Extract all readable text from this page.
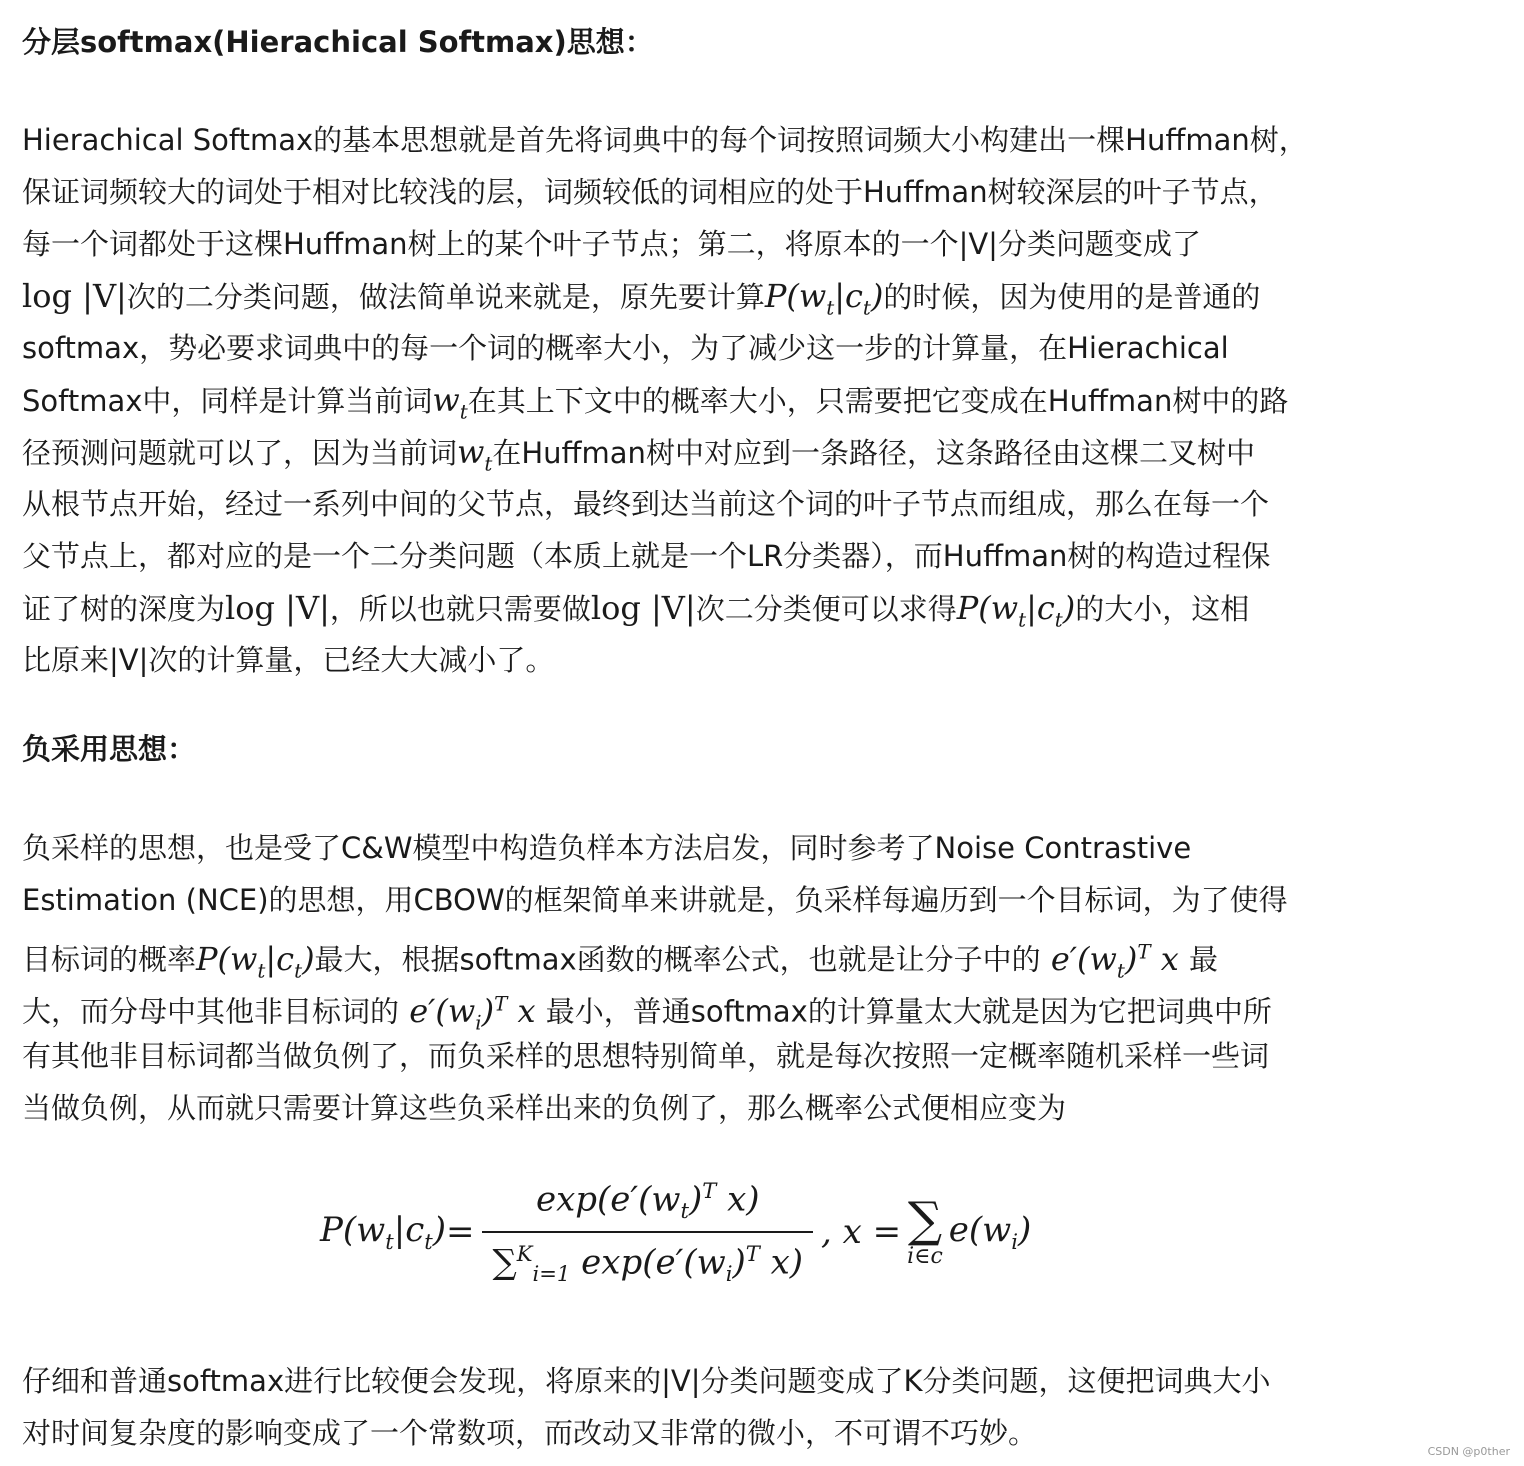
分层softmax(Hierachical Softmax)思想：
Hierachical Softmax的基本思想就是首先将词典中的每个词按照词频大小构建出一棵Huffman树，
保证词频较大的词处于相对比较浅的层，词频较低的词相应的处于Huffman树较深层的叶子节点，
每一个词都处于这棵Huffman树上的某个叶子节点；第二，将原本的一个|V|分类问题变成了
log |V|次的二分类问题，做法简单说来就是，原先要计算$P(w_t|c_t)$的时候，因为使用的是普通的
softmax，势必要求词典中的每一个词的概率大小，为了减少这一步的计算量，在Hierachical
Softmax中，同样是计算当前词$w_t$在其上下文中的概率大小，只需要把它变成在Huffman树中的路
径预测问题就可以了，因为当前词$w_t$在Huffman树中对应到一条路径，这条路径由这棵二叉树中
从根节点开始，经过一系列中间的父节点，最终到达当前这个词的叶子节点而组成，那么在每一个
父节点上，都对应的是一个二分类问题（本质上就是一个LR分类器），而Huffman树的构造过程保
证了树的深度为log |V|，所以也就只需要做log |V|次二分类便可以求得$P(w_t|c_t)$的大小，这相
比原来|V|次的计算量，已经大大减小了。
负采用思想：
负采样的思想，也是受了C&W模型中构造负样本方法启发，同时参考了Noise Contrastive
Estimation (NCE)的思想，用CBOW的框架简单来讲就是，负采样每遍历到一个目标词，为了使得
目标词的概率$P(w_t|c_t)$最大，根据softmax函数的概率公式，也就是让分子中的 $e'(w_t)^T$ x 最
大，而分母中其他非目标词的 $e'(w_i)^T$ x 最小，普通softmax的计算量太大就是因为它把词典中所
有其他非目标词都当做负例了，而负采样的思想特别简单，就是每次按照一定概率随机采样一些词
当做负例，从而就只需要计算这些负采样出来的负例了，那么概率公式便相应变为
$P(w_t|c_t) = \frac{\exp(e'(w_t)^T x)}{\sum^K_{i=1} \exp(e'(w_i)^T x)}$ , x = ∑
i∈c
$e(w_i)$
仔细和普通softmax进行比较便会发现，将原来的|V|分类问题变成了K分类问题，这便把词典大小
对时间复杂度的影响变成了一个常数项，而改动又非常的微小，不可谓不巧妙。
CSDN @p0ther
